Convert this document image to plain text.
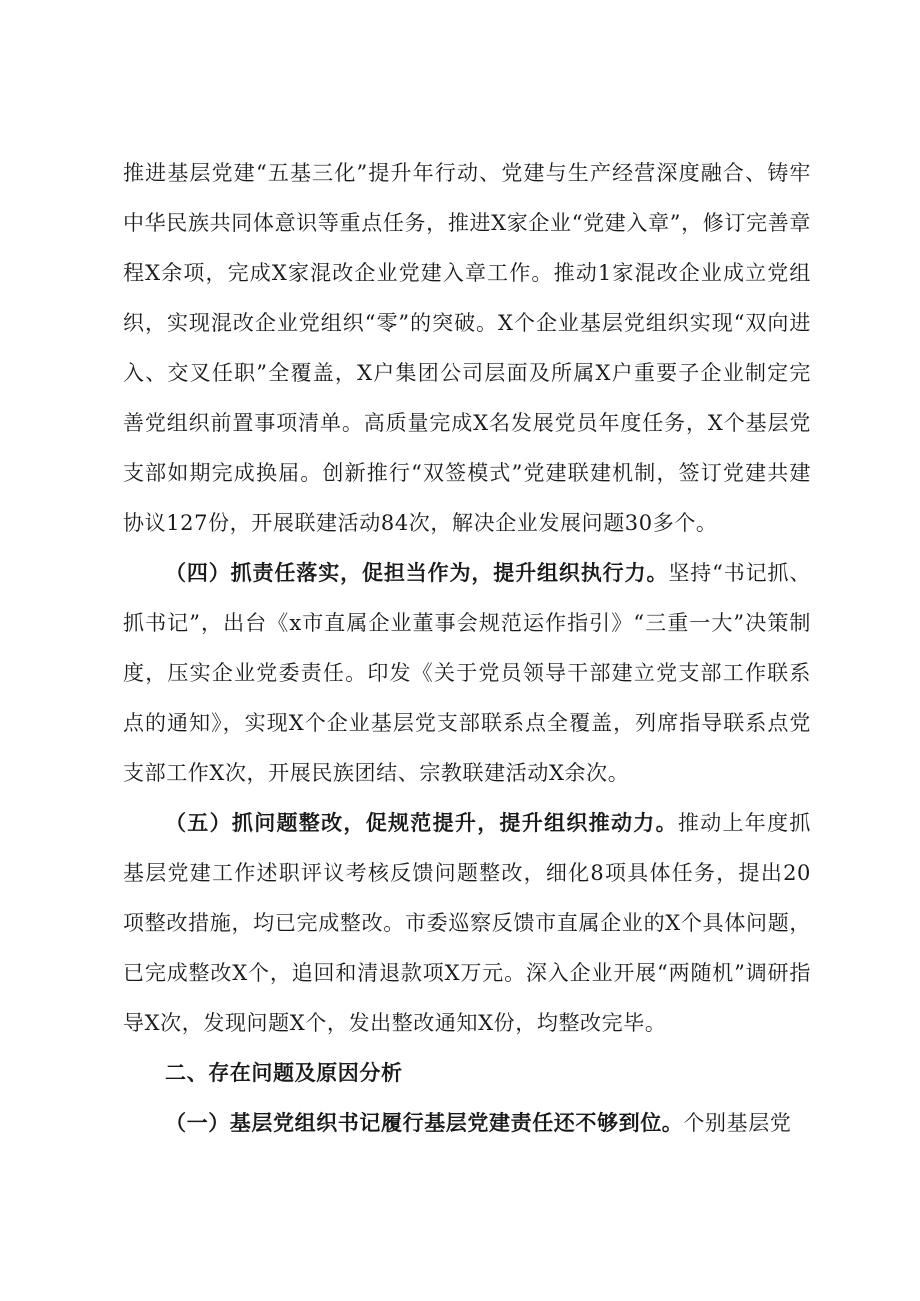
推进基层党建“五基三化”提升年行动、党建与生产经营深度融合、铸牢中华民族共同体意识等重点任务，推进X家企业“党建入章”，修订完善章程X余项，完成X家混改企业党建入章工作。推动1家混改企业成立党组织，实现混改企业党组织“零”的突破。X个企业基层党组织实现“双向进入、交叉任职”全覆盖，X户集团公司层面及所属X户重要子企业制定完善党组织前置事项清单。高质量完成X名发展党员年度任务，X个基层党支部如期完成换届。创新推行“双签模式”党建联建机制，签订党建共建协议127份，开展联建活动84次，解决企业发展问题30多个。

（四）抓责任落实，促担当作为，提升组织执行力。坚持“书记抓、抓书记”，出台《x市直属企业董事会规范运作指引》“三重一大”决策制度，压实企业党委责任。印发《关于党员领导干部建立党支部工作联系点的通知》，实现X个企业基层党支部联系点全覆盖，列席指导联系点党支部工作X次，开展民族团结、宗教联建活动X余次。

（五）抓问题整改，促规范提升，提升组织推动力。推动上年度抓基层党建工作述职评议考核反馈问题整改，细化8项具体任务，提出20项整改措施，均已完成整改。市委巡察反馈市直属企业的X个具体问题，已完成整改X个，追回和清退款项X万元。深入企业开展“两随机”调研指导X次，发现问题X个，发出整改通知X份，均整改完毕。

二、存在问题及原因分析

（一）基层党组织书记履行基层党建责任还不够到位。个别基层党
